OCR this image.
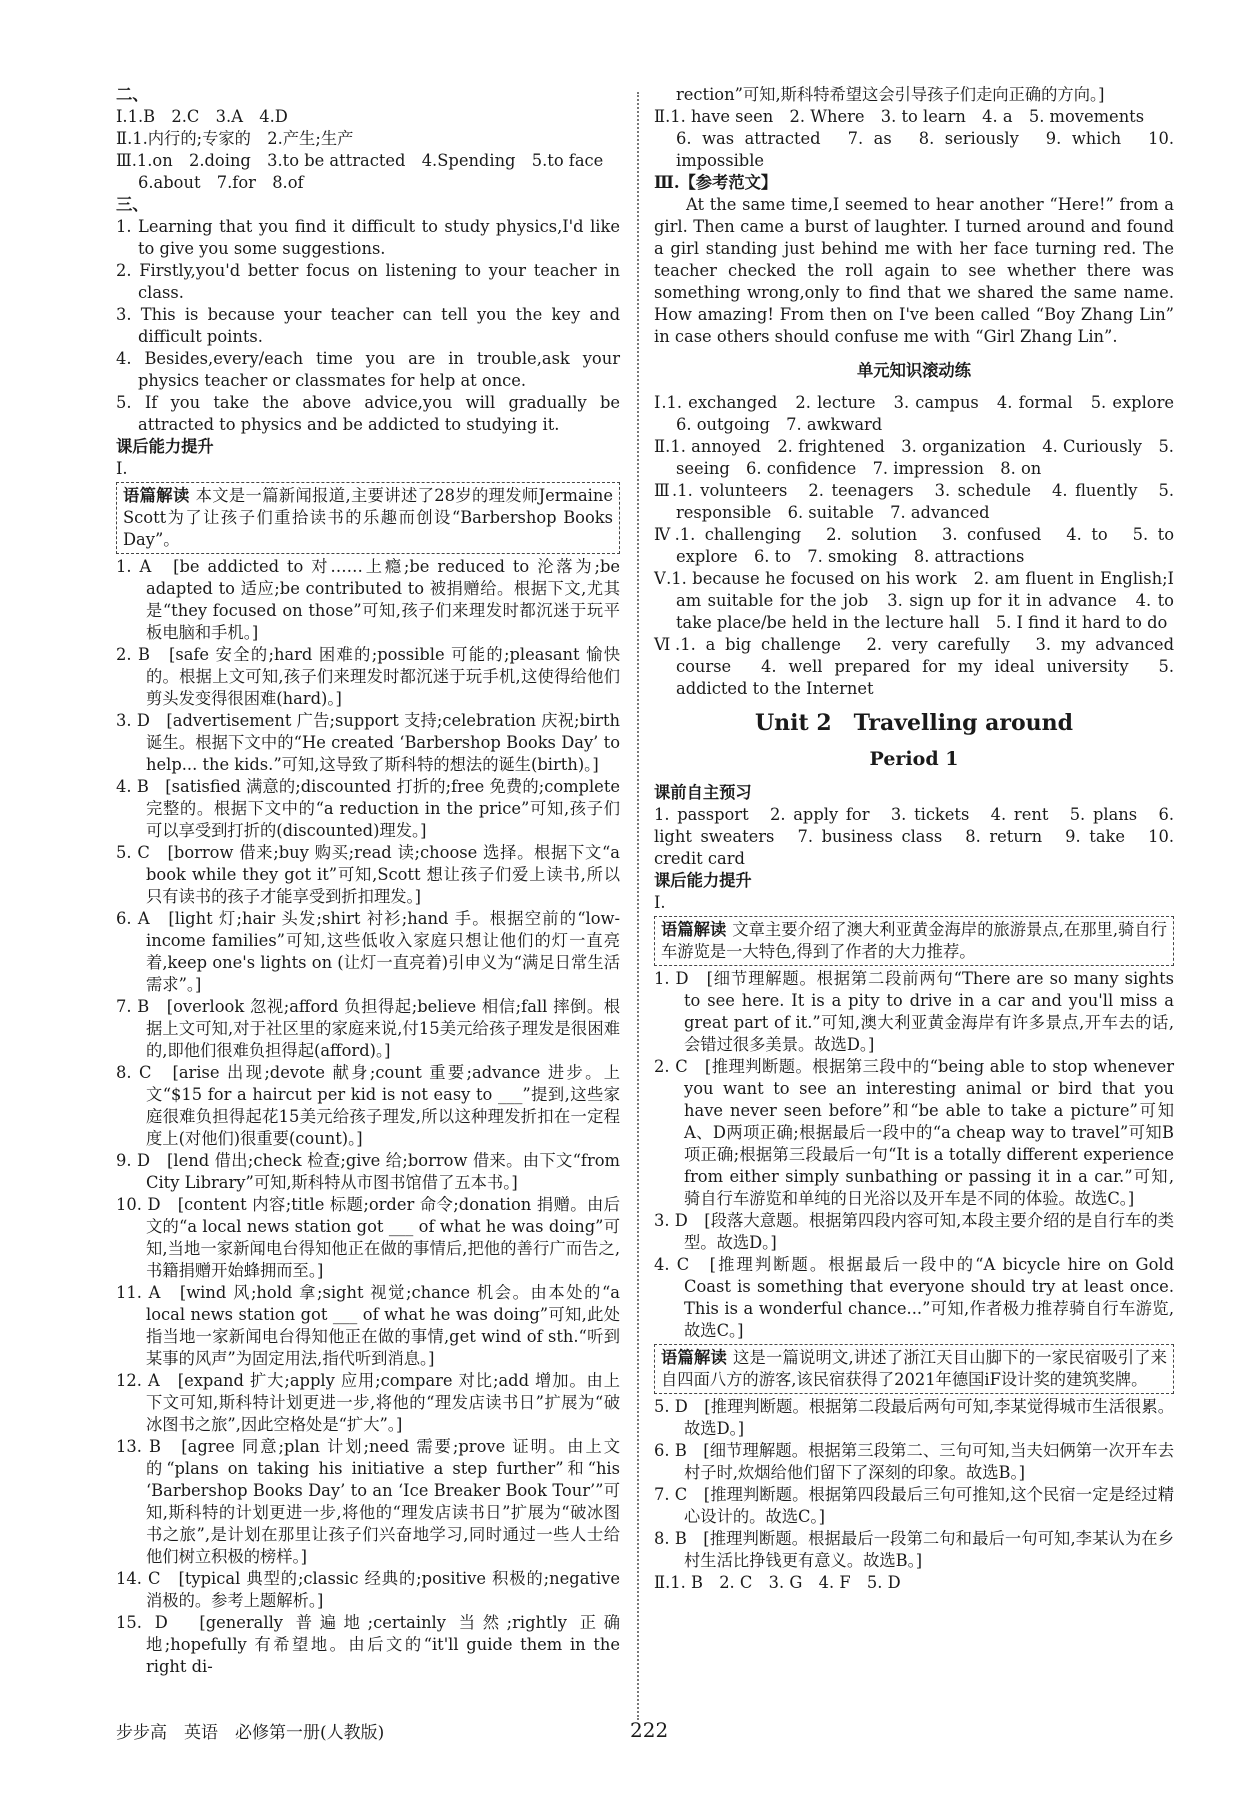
二、

Ⅰ.1.B　2.C　3.A　4.D

Ⅱ.1.内行的;专家的　2.产生;生产

Ⅲ.1.on　2.doing　3.to be attracted　4.Spending　5.to face

6.about　7.for　8.of

三、

1. Learning that you find it difficult to study physics,I'd like to give you some suggestions.

2. Firstly,you'd better focus on listening to your teacher in class.

3. This is because your teacher can tell you the key and difficult points.

4. Besides,every/each time you are in trouble,ask your physics teacher or classmates for help at once.

5. If you take the above advice,you will gradually be attracted to physics and be addicted to studying it.

课后能力提升

Ⅰ.

语篇解读 本文是一篇新闻报道,主要讲述了28岁的理发师Jermaine Scott为了让孩子们重拾读书的乐趣而创设“Barbershop Books Day”。

1. A　[be addicted to 对……上瘾;be reduced to 沦落为;be adapted to 适应;be contributed to 被捐赠给。根据下文,尤其是“they focused on those”可知,孩子们来理发时都沉迷于玩平板电脑和手机。]

2. B　[safe 安全的;hard 困难的;possible 可能的;pleasant 愉快的。根据上文可知,孩子们来理发时都沉迷于玩手机,这使得给他们剪头发变得很困难(hard)。]

3. D　[advertisement 广告;support 支持;celebration 庆祝;birth 诞生。根据下文中的“He created ‘Barbershop Books Day’ to help... the kids.”可知,这导致了斯科特的想法的诞生(birth)。]

4. B　[satisfied 满意的;discounted 打折的;free 免费的;complete 完整的。根据下文中的“a reduction in the price”可知,孩子们可以享受到打折的(discounted)理发。]

5. C　[borrow 借来;buy 购买;read 读;choose 选择。根据下文“a book while they got it”可知,Scott 想让孩子们爱上读书,所以只有读书的孩子才能享受到折扣理发。]

6. A　[light 灯;hair 头发;shirt 衬衫;hand 手。根据空前的“low-income families”可知,这些低收入家庭只想让他们的灯一直亮着,keep one's lights on (让灯一直亮着)引申义为“满足日常生活需求”。]

7. B　[overlook 忽视;afford 负担得起;believe 相信;fall 摔倒。根据上文可知,对于社区里的家庭来说,付15美元给孩子理发是很困难的,即他们很难负担得起(afford)。]

8. C　[arise 出现;devote 献身;count 重要;advance 进步。上文“$15 for a haircut per kid is not easy to ___”提到,这些家庭很难负担得起花15美元给孩子理发,所以这种理发折扣在一定程度上(对他们)很重要(count)。]

9. D　[lend 借出;check 检查;give 给;borrow 借来。由下文“from City Library”可知,斯科特从市图书馆借了五本书。]

10. D　[content 内容;title 标题;order 命令;donation 捐赠。由后文的“a local news station got ___ of what he was doing”可知,当地一家新闻电台得知他正在做的事情后,把他的善行广而告之,书籍捐赠开始蜂拥而至。]

11. A　[wind 风;hold 拿;sight 视觉;chance 机会。由本处的“a local news station got ___ of what he was doing”可知,此处指当地一家新闻电台得知他正在做的事情,get wind of sth.“听到某事的风声”为固定用法,指代听到消息。]

12. A　[expand 扩大;apply 应用;compare 对比;add 增加。由上下文可知,斯科特计划更进一步,将他的“理发店读书日”扩展为“破冰图书之旅”,因此空格处是“扩大”。]

13. B　[agree 同意;plan 计划;need 需要;prove 证明。由上文的“plans on taking his initiative a step further”和“his ‘Barbershop Books Day’ to an ‘Ice Breaker Book Tour’”可知,斯科特的计划更进一步,将他的“理发店读书日”扩展为“破冰图书之旅”,是计划在那里让孩子们兴奋地学习,同时通过一些人士给他们树立积极的榜样。]

14. C　[typical 典型的;classic 经典的;positive 积极的;negative 消极的。参考上题解析。]

15. D　[generally 普遍地;certainly 当然;rightly 正确地;hopefully 有希望地。由后文的“it'll guide them in the right di-

rection”可知,斯科特希望这会引导孩子们走向正确的方向。]

Ⅱ.1. have seen　2. Where　3. to learn　4. a　5. movements

6. was attracted　7. as　8. seriously　9. which　10. impossible

Ⅲ.【参考范文】

At the same time,I seemed to hear another “Here!” from a girl. Then came a burst of laughter. I turned around and found a girl standing just behind me with her face turning red. The teacher checked the roll again to see whether there was something wrong,only to find that we shared the same name. How amazing! From then on I've been called “Boy Zhang Lin” in case others should confuse me with “Girl Zhang Lin”.

单元知识滚动练

Ⅰ.1. exchanged　2. lecture　3. campus　4. formal　5. explore　6. outgoing　7. awkward

Ⅱ.1. annoyed　2. frightened　3. organization　4. Curiously　5. seeing　6. confidence　7. impression　8. on

Ⅲ.1. volunteers　2. teenagers　3. schedule　4. fluently　5. responsible　6. suitable　7. advanced

Ⅳ.1. challenging　2. solution　3. confused　4. to　5. to explore　6. to　7. smoking　8. attractions

Ⅴ.1. because he focused on his work　2. am fluent in English;I am suitable for the job　3. sign up for it in advance　4. to take place/be held in the lecture hall　5. I find it hard to do

Ⅵ.1. a big challenge　2. very carefully　3. my advanced course　4. well prepared for my ideal university　5. addicted to the Internet

Unit 2　Travelling around

Period 1

课前自主预习

1. passport　2. apply for　3. tickets　4. rent　5. plans　6. light sweaters　7. business class　8. return　9. take　10. credit card

课后能力提升

Ⅰ.

语篇解读 文章主要介绍了澳大利亚黄金海岸的旅游景点,在那里,骑自行车游览是一大特色,得到了作者的大力推荐。

1. D　[细节理解题。根据第二段前两句“There are so many sights to see here. It is a pity to drive in a car and you'll miss a great part of it.”可知,澳大利亚黄金海岸有许多景点,开车去的话,会错过很多美景。故选D。]

2. C　[推理判断题。根据第三段中的“being able to stop whenever you want to see an interesting animal or bird that you have never seen before”和“be able to take a picture”可知A、D两项正确;根据最后一段中的“a cheap way to travel”可知B项正确;根据第三段最后一句“It is a totally different experience from either simply sunbathing or passing it in a car.”可知,骑自行车游览和单纯的日光浴以及开车是不同的体验。故选C。]

3. D　[段落大意题。根据第四段内容可知,本段主要介绍的是自行车的类型。故选D。]

4. C　[推理判断题。根据最后一段中的“A bicycle hire on Gold Coast is something that everyone should try at least once. This is a wonderful chance...”可知,作者极力推荐骑自行车游览,故选C。]

语篇解读 这是一篇说明文,讲述了浙江天目山脚下的一家民宿吸引了来自四面八方的游客,该民宿获得了2021年德国iF设计奖的建筑奖牌。

5. D　[推理判断题。根据第二段最后两句可知,李某觉得城市生活很累。故选D。]

6. B　[细节理解题。根据第三段第二、三句可知,当夫妇俩第一次开车去村子时,炊烟给他们留下了深刻的印象。故选B。]

7. C　[推理判断题。根据第四段最后三句可推知,这个民宿一定是经过精心设计的。故选C。]

8. B　[推理判断题。根据最后一段第二句和最后一句可知,李某认为在乡村生活比挣钱更有意义。故选B。]

Ⅱ.1. B　2. C　3. G　4. F　5. D

步步高　英语　必修第一册(人教版)	222
